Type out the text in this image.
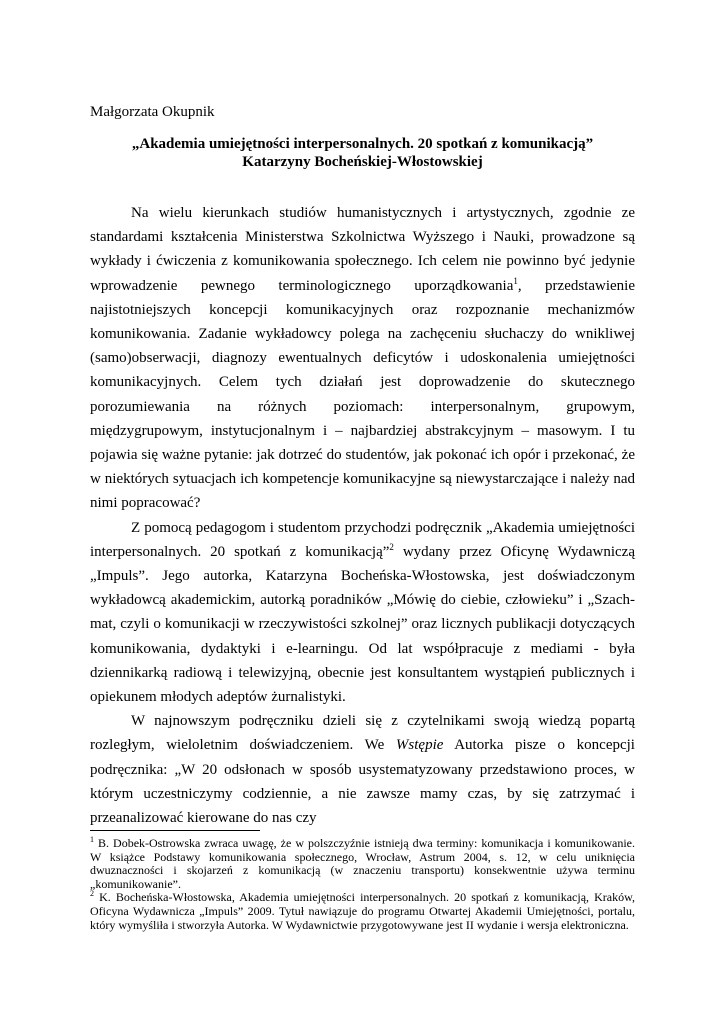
Małgorzata Okupnik
„Akademia umiejętności interpersonalnych. 20 spotkań z komunikacją”
Katarzyny Bocheńskiej-Włostowskiej

Na wielu kierunkach studiów humanistycznych i artystycznych, zgodnie ze standardami kształcenia Ministerstwa Szkolnictwa Wyższego i Nauki, prowadzone są wykłady i ćwiczenia z komunikowania społecznego. Ich celem nie powinno być jedynie wprowadzenie pewnego terminologicznego uporządkowania$^1$, przedstawienie najistotniejszych koncepcji komunikacyjnych oraz rozpoznanie mechanizmów komunikowania. Zadanie wykładowcy polega na zachęceniu słuchaczy do wnikliwej (samo)obserwacji, diagnozy ewentualnych deficytów i udoskonalenia umiejętności komunikacyjnych. Celem tych działań jest doprowadzenie do skutecznego porozumiewania na różnych poziomach: interpersonalnym, grupowym, międzygrupowym, instytucjonalnym i – najbardziej abstrakcyjnym – masowym. I tu pojawia się ważne pytanie: jak dotrzeć do studentów, jak pokonać ich opór i przekonać, że w niektórych sytuacjach ich kompetencje komunikacyjne są niewystarczające i należy nad nimi popracować?

Z pomocą pedagogom i studentom przychodzi podręcznik „Akademia umiejętności interpersonalnych. 20 spotkań z komunikacją”$^2$ wydany przez Oficynę Wydawniczą „Impuls”. Jego autorka, Katarzyna Bocheńska-Włostowska, jest doświadczonym wykładowcą akademickim, autorką poradników „Mówię do ciebie, człowieku” i „Szach-mat, czyli o komunikacji w rzeczywistości szkolnej” oraz licznych publikacji dotyczących komunikowania, dydaktyki i e-learningu. Od lat współpracuje z mediami - była dziennikarką radiową i telewizyjną, obecnie jest konsultantem wystąpień publicznych i opiekunem młodych adeptów żurnalistyki.

W najnowszym podręczniku dzieli się z czytelnikami swoją wiedzą popartą rozległym, wieloletnim doświadczeniem. We Wstępie Autorka pisze o koncepcji podręcznika: „W 20 odsłonach w sposób usystematyzowany przedstawiono proces, w którym uczestniczymy codziennie, a nie zawsze mamy czas, by się zatrzymać i przeanalizować kierowane do nas czy

$^1$ B. Dobek-Ostrowska zwraca uwagę, że w polszczyźnie istnieją dwa terminy: komunikacja i komunikowanie. W książce Podstawy komunikowania społecznego, Wrocław, Astrum 2004, s. 12, w celu uniknięcia dwuznaczności i skojarzeń z komunikacją (w znaczeniu transportu) konsekwentnie używa terminu „komunikowanie”.

$^2$ K. Bocheńska-Włostowska, Akademia umiejętności interpersonalnych. 20 spotkań z komunikacją, Kraków, Oficyna Wydawnicza „Impuls” 2009. Tytuł nawiązuje do programu Otwartej Akademii Umiejętności, portalu, który wymyśliła i stworzyła Autorka. W Wydawnictwie przygotowywane jest II wydanie i wersja elektroniczna.
